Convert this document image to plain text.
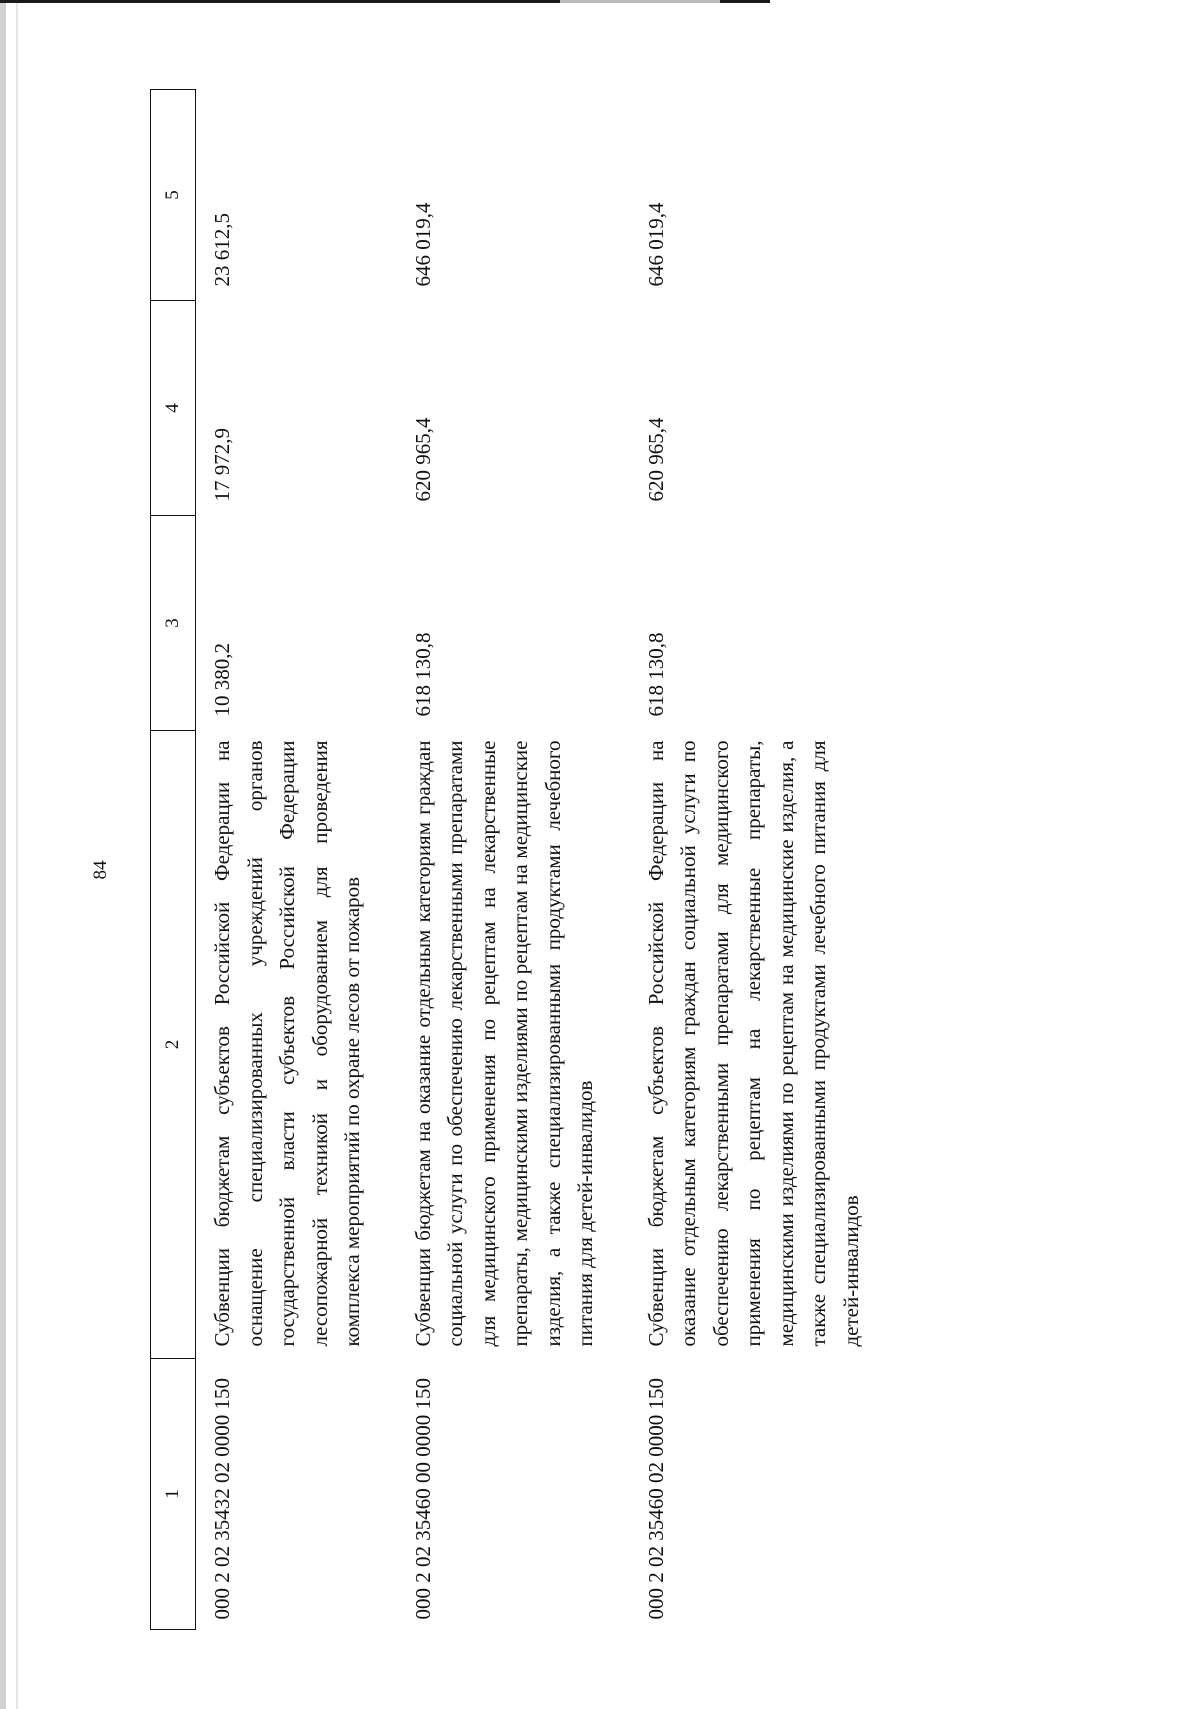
84
1	2	3	4	5
000 2 02 35432 02 0000 150	Субвенции бюджетам субъектов Российской Федерации на оснащение специализированных учреждений органов государственной власти субъектов Российской Федерации лесопожарной техникой и оборудованием для проведения комплекса мероприятий по охране лесов от пожаров	10 380,2	17 972,9	23 612,5
000 2 02 35460 00 0000 150	Субвенции бюджетам на оказание отдельным категориям граждан социальной услуги по обеспечению лекарственными препаратами для медицинского применения по рецептам на лекарственные препараты, медицинскими изделиями по рецептам на медицинские изделия, а также специализированными продуктами лечебного питания для детей-инвалидов	618 130,8	620 965,4	646 019,4
000 2 02 35460 02 0000 150	Субвенции бюджетам субъектов Российской Федерации на оказание отдельным категориям граждан социальной услуги по обеспечению лекарственными препаратами для медицинского применения по рецептам на лекарственные препараты, медицинскими изделиями по рецептам на медицинские изделия, а также специализированными продуктами лечебного питания для детей-инвалидов	618 130,8	620 965,4	646 019,4
